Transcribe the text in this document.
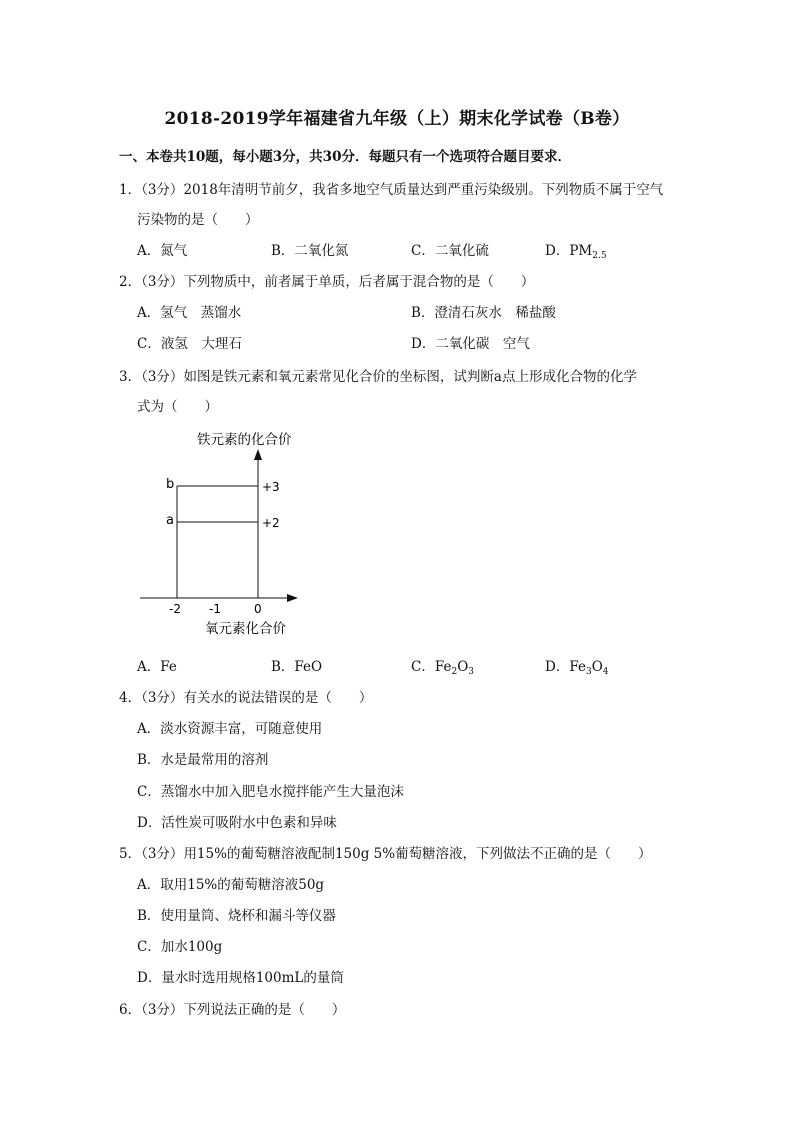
2018-2019学年福建省九年级（上）期末化学试卷（B卷）
一、本卷共10题，每小题3分，共30分．每题只有一个选项符合题目要求．
1．（3分）2018年清明节前夕，我省多地空气质量达到严重污染级别。下列物质不属于空气
污染物的是（　　）
A．氮气	B．二氧化氮	C．二氧化硫	D．$PM_{2.5}$
2．（3分）下列物质中，前者属于单质，后者属于混合物的是（　　）
A．氢气　蒸馏水	B．澄清石灰水　稀盐酸
C．液氢　大理石	D．二氧化碳　空气
3．（3分）如图是铁元素和氧元素常见化合价的坐标图，试判断a点上形成化合物的化学
式为（　　）
铁元素的化合价
b
a
+3
+2
-2 -1	0
氧元素化合价
A．Fe	B．FeO	C．$Fe_2O_3$	D．$Fe_3O_4$
4．（3分）有关水的说法错误的是（　　）
A．淡水资源丰富，可随意使用
B．水是最常用的溶剂
C．蒸馏水中加入肥皂水搅拌能产生大量泡沫
D．活性炭可吸附水中色素和异味
5．（3分）用15%的葡萄糖溶液配制150g 5%葡萄糖溶液，下列做法不正确的是（　　）
A．取用15%的葡萄糖溶液50g
B．使用量筒、烧杯和漏斗等仪器
C．加水100g
D．量水时选用规格100mL的量筒
6．（3分）下列说法正确的是（　　）
